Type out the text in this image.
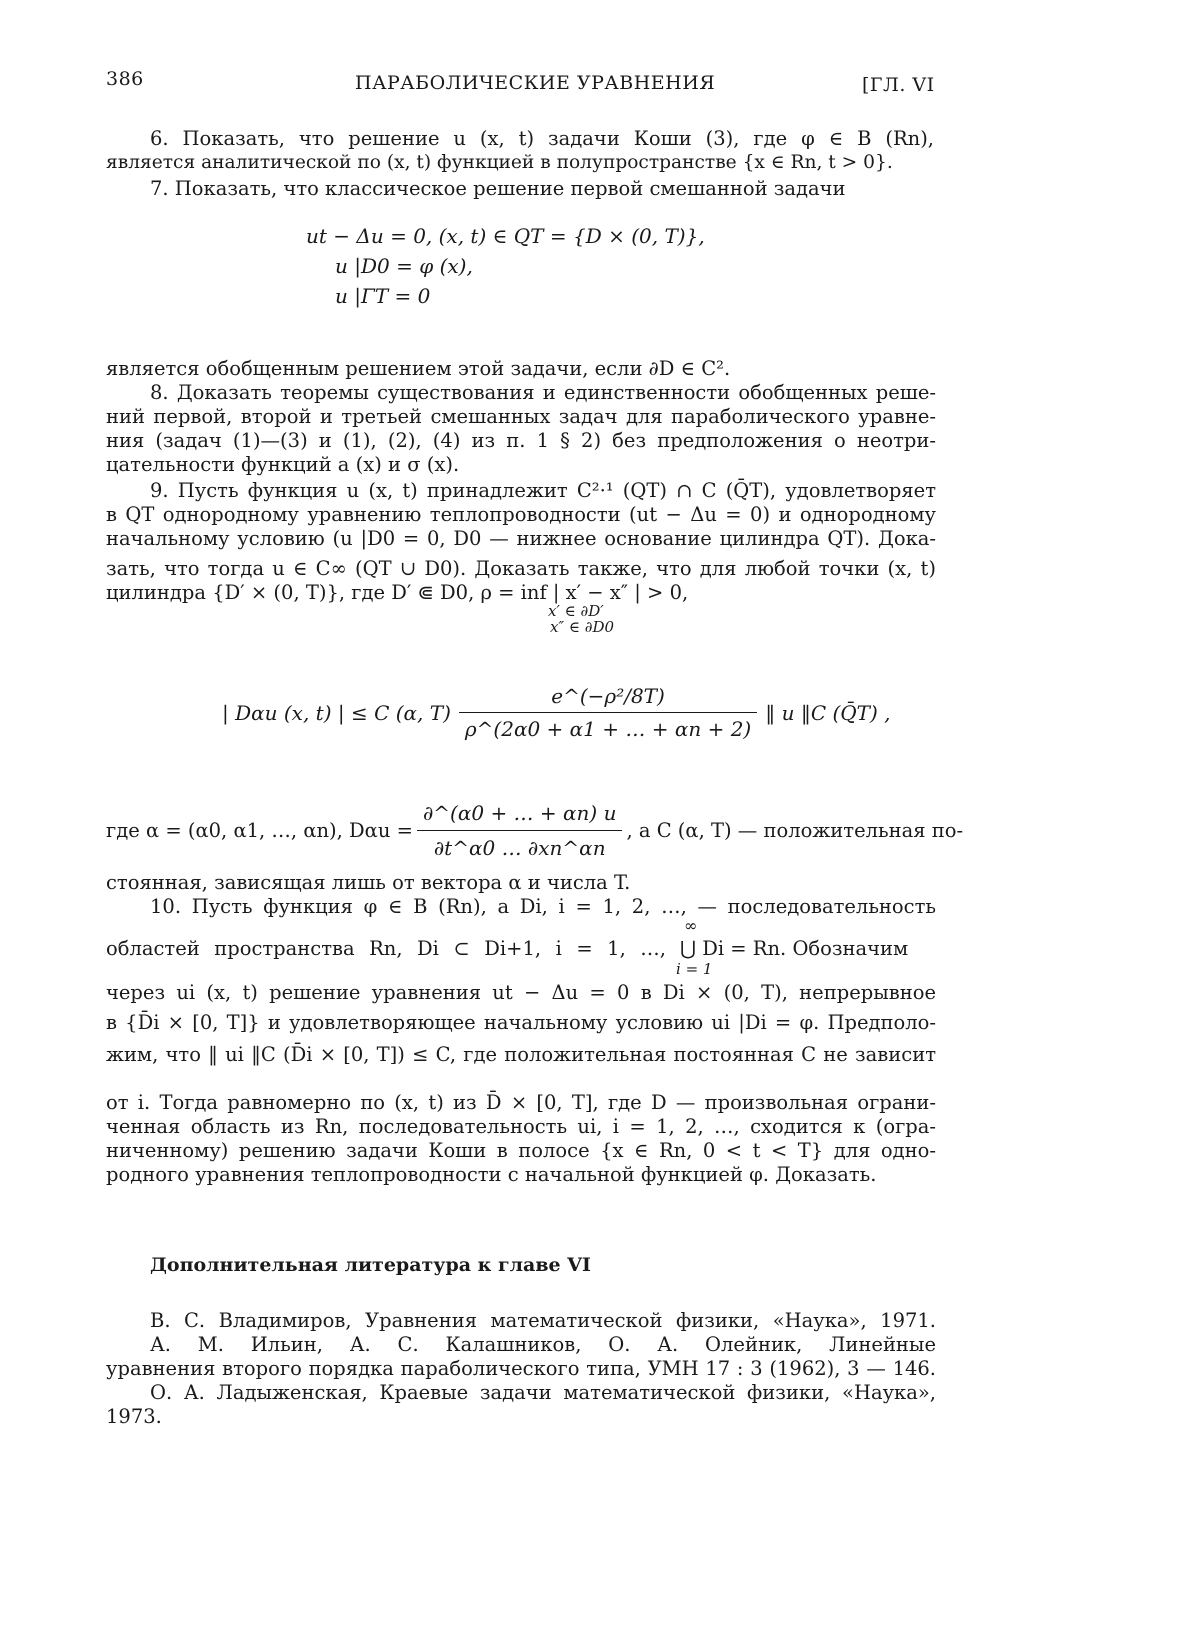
386	ПАРАБОЛИЧЕСКИЕ УРАВНЕНИЯ	[ГЛ. VI
6. Показать, что решение u (x, t) задачи Коши (3), где φ ∈ B (Rn),
является аналитической по (x, t) функцией в полупространстве {x ∈ Rn, t > 0}.
7. Показать, что классическое решение первой смешанной задачи
ut − Δu = 0, (x, t) ∈ QT = {D × (0, T)},
u |D0 = φ (x),
u |ΓT = 0
является обобщенным решением этой задачи, если ∂D ∈ C².
8. Доказать теоремы существования и единственности обобщенных реше-
ний первой, второй и третьей смешанных задач для параболического уравне-
ния (задач (1)—(3) и (1), (2), (4) из п. 1 § 2) без предположения о неотри-
цательности функций a (x) и σ (x).
9. Пусть функция u (x, t) принадлежит C²·¹ (QT) ∩ C (Q̄T), удовлетворяет
в QT однородному уравнению теплопроводности (ut − Δu = 0) и однородному
начальному условию (u |D0 = 0, D0 — нижнее основание цилиндра QT). Дока-
зать, что тогда u ∈ C∞ (QT ∪ D0). Доказать также, что для любой точки (x, t)
цилиндра {D′ × (0, T)}, где D′ ⋐ D0, ρ = inf | x′ − x″ | > 0,
x′ ∈ ∂D′
x″ ∈ ∂D0
| Dαu (x, t) | ≤ C (α, $T) \frac{\text{e\textasciicircum{}(−ρ²/8T)}}{\rho\^{}(2\alpha 0 + \alpha 1 + \dots + \alpha n + 2)}$ ‖ u ‖C (Q̄T) ,
где α = (α0, α1, …, αn), $D\alpha u = \frac{\partial\^{}(\alpha 0 + \dots + \alpha n) u}{\partial t\^{}\alpha 0 \dots \partial xn\^{}\alpha n}$ , а C (α, T) — положительная по-
стоянная, зависящая лишь от вектора α и числа T.
10. Пусть функция φ ∈ B (Rn), а Di, i = 1, 2, …, — последовательность
∞
областей пространства Rn, Di ⊂ Di+1, i = 1, …, ⋃ Di = Rn. Обозначим
i = 1
через ui (x, t) решение уравнения ut − Δu = 0 в Di × (0, T), непрерывное
в {D̄i × [0, T]} и удовлетворяющее начальному условию ui |Di = φ. Предполо-
жим, что ‖ ui ‖C (D̄i × [0, T]) ≤ C, где положительная постоянная C не зависит
от i. Тогда равномерно по (x, t) из D̄ × [0, T], где D — произвольная ограни-
ченная область из Rn, последовательность ui, i = 1, 2, …, сходится к (огра-
ниченному) решению задачи Коши в полосе {x ∈ Rn, 0 < t < T} для одно-
родного уравнения теплопроводности с начальной функцией φ. Доказать.
Дополнительная литература к главе VI
В. С. Владимиров, Уравнения математической физики, «Наука», 1971.
А. М. Ильин, А. С. Калашников, О. А. Олейник, Линейные
уравнения второго порядка параболического типа, УМН 17 : 3 (1962), 3 — 146.
О. А. Ладыженская, Краевые задачи математической физики, «Наука»,
1973.
